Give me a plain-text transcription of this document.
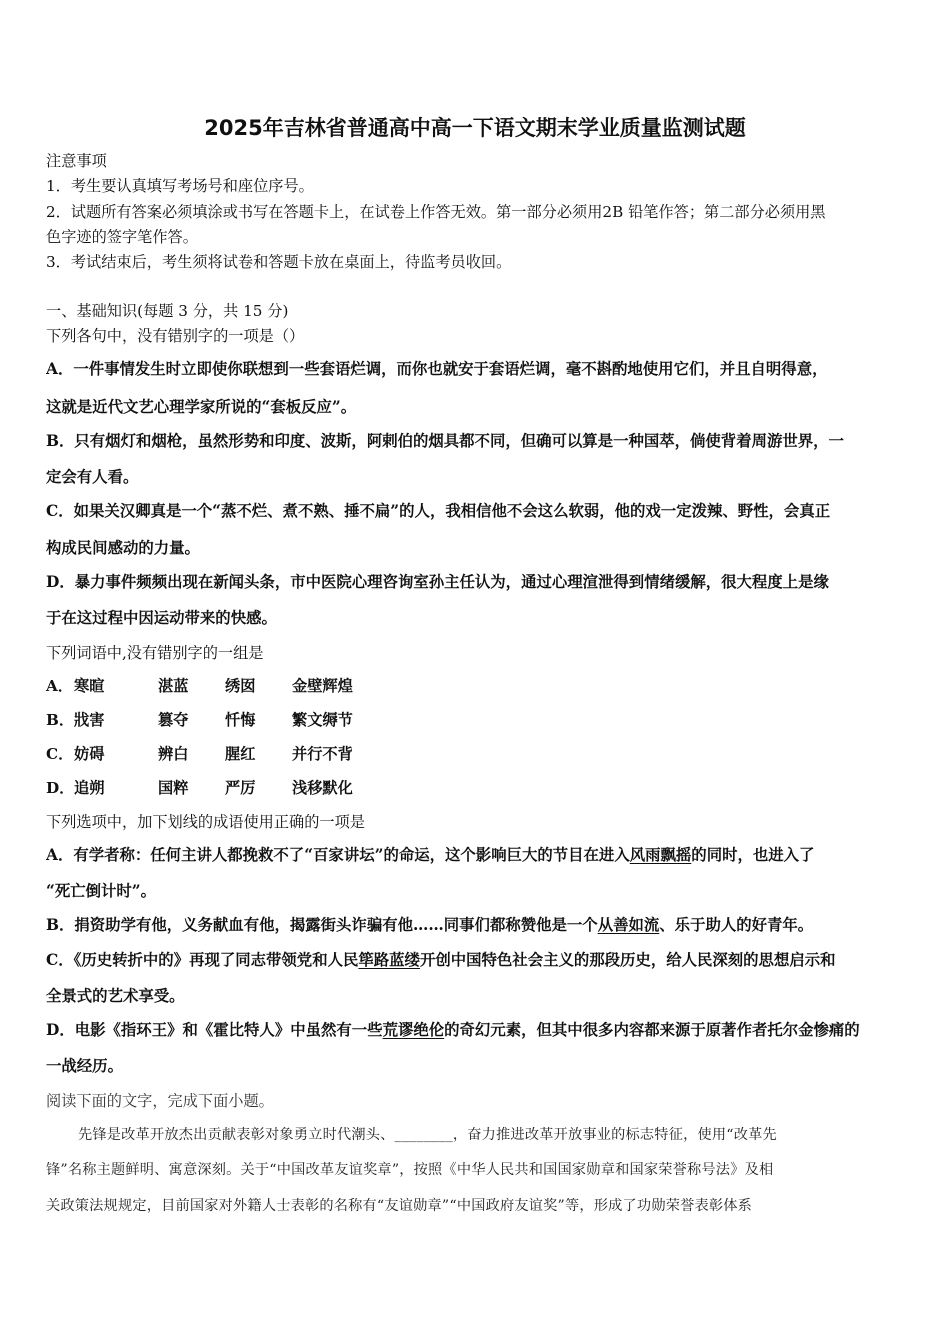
2025年吉林省普通高中高一下语文期末学业质量监测试题
注意事项
1．考生要认真填写考场号和座位序号。
2．试题所有答案必须填涂或书写在答题卡上，在试卷上作答无效。第一部分必须用2B 铅笔作答；第二部分必须用黑
色字迹的签字笔作答。
3．考试结束后，考生须将试卷和答题卡放在桌面上，待监考员收回。
一、基础知识(每题 3 分，共 15 分)
下列各句中，没有错别字的一项是（）
A．一件事情发生时立即使你联想到一些套语烂调，而你也就安于套语烂调，毫不斟酌地使用它们，并且自明得意，
这就是近代文艺心理学家所说的“套板反应”。
B．只有烟灯和烟枪，虽然形势和印度、波斯，阿剌伯的烟具都不同，但确可以算是一种国萃，倘使背着周游世界，一
定会有人看。
C．如果关汉卿真是一个“蒸不烂、煮不熟、捶不扁”的人，我相信他不会这么软弱，他的戏一定泼辣、野性，会真正
构成民间感动的力量。
D．暴力事件频频出现在新闻头条，市中医院心理咨询室孙主任认为，通过心理渲泄得到情绪缓解，很大程度上是缘
于在这过程中因运动带来的快感。
下列词语中,没有错别字的一组是
A． 寒暄	湛蓝 绣囡 金壁辉煌
B． 戕害	篡夺 忏悔 繁文缛节
C． 妨碍	辨白 腥红 并行不背
D． 追朔	国粹 严厉 浅移默化
下列选项中，加下划线的成语使用正确的一项是
A．有学者称：任何主讲人都挽救不了“百家讲坛”的命运，这个影响巨大的节目在进入风雨飘摇的同时，也进入了
“死亡倒计时”。
B．捐资助学有他，义务献血有他，揭露街头诈骗有他……同事们都称赞他是一个从善如流、乐于助人的好青年。
C．《历史转折中的》再现了同志带领党和人民筚路蓝缕开创中国特色社会主义的那段历史，给人民深刻的思想启示和
全景式的艺术享受。
D．电影《指环王》和《霍比特人》中虽然有一些荒谬绝伦的奇幻元素，但其中很多内容都来源于原著作者托尔金惨痛的
一战经历。
阅读下面的文字，完成下面小题。
先锋是改革开放杰出贡献表彰对象勇立时代潮头、________，奋力推进改革开放事业的标志特征，使用“改革先
锋”名称主题鲜明、寓意深刻。关于“中国改革友谊奖章”，按照《中华人民共和国国家勋章和国家荣誉称号法》及相
关政策法规规定，目前国家对外籍人士表彰的名称有“友谊勋章”“中国政府友谊奖”等，形成了功勋荣誉表彰体系
